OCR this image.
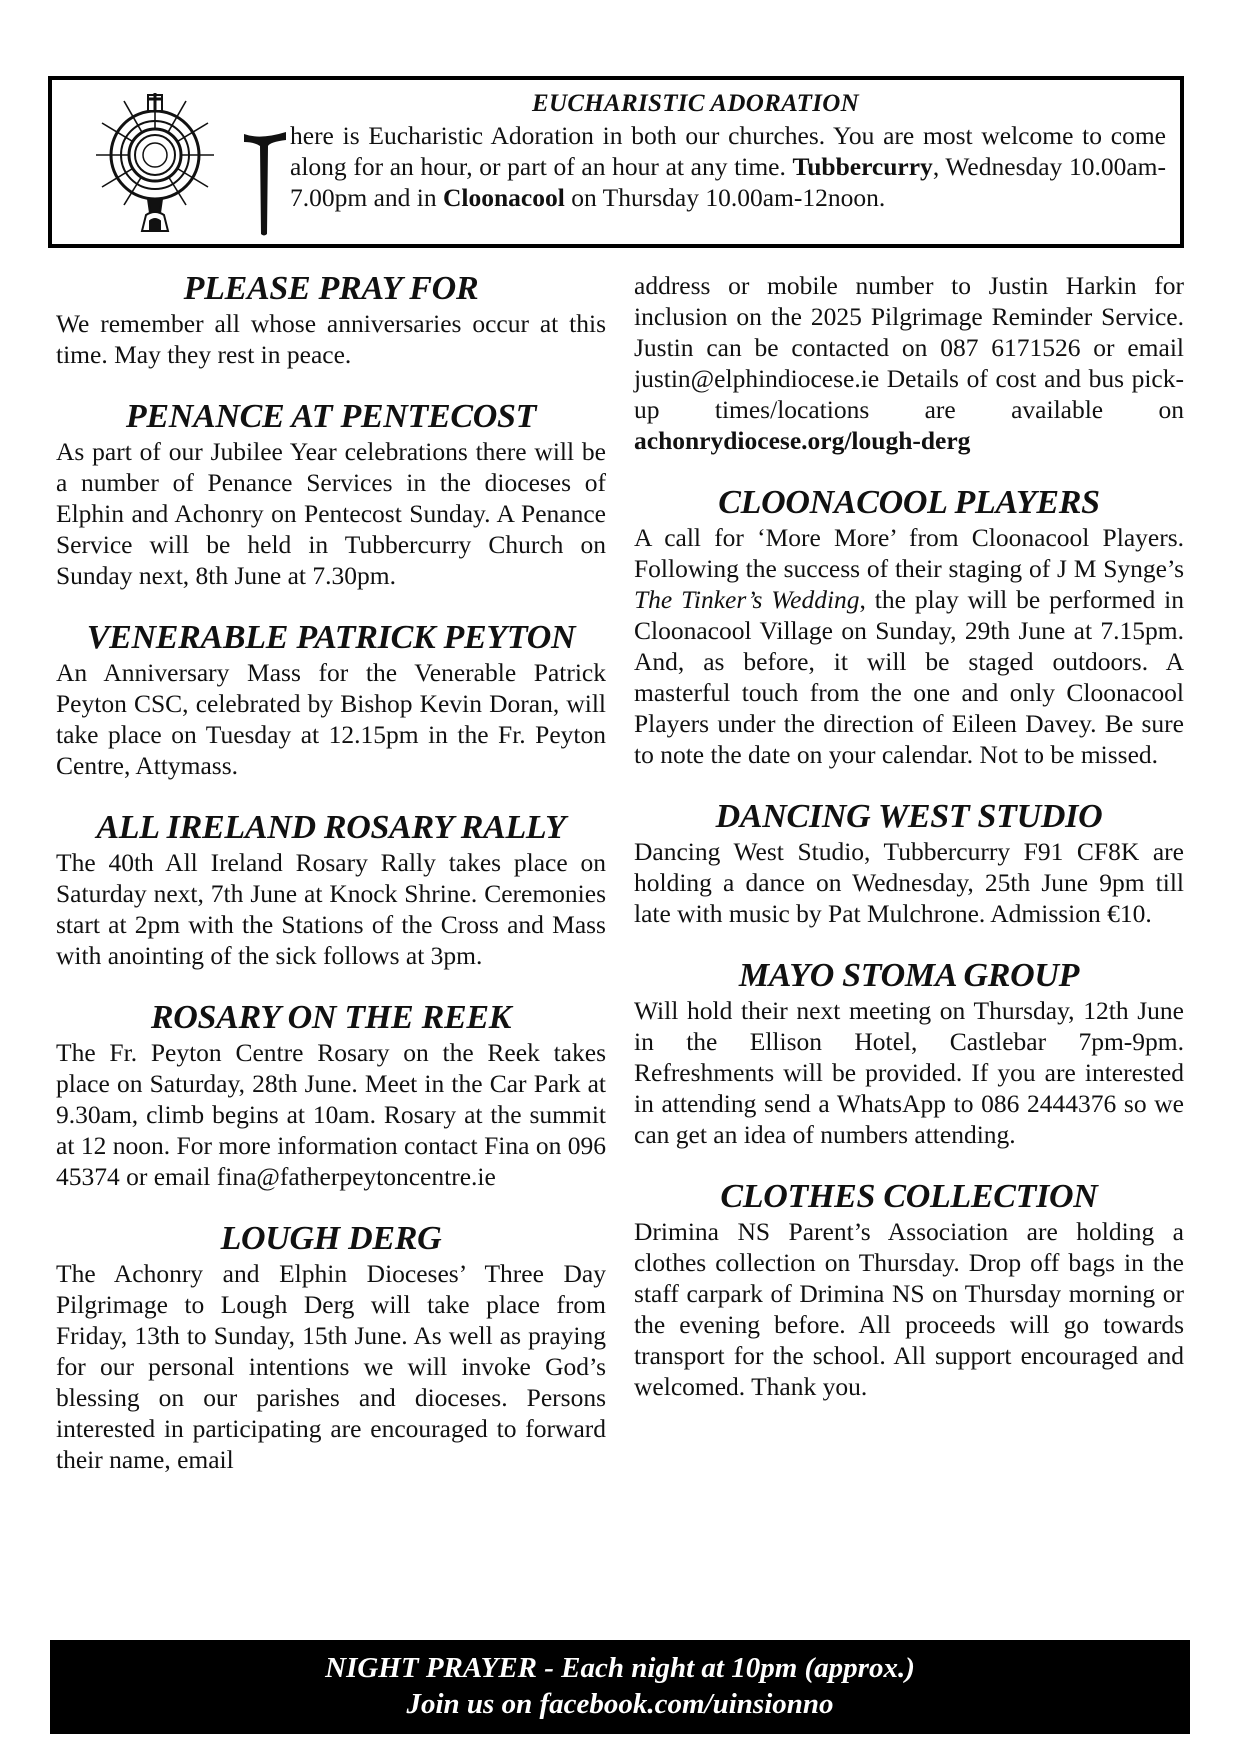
EUCHARISTIC ADORATION
here is Eucharistic Adoration in both our churches. You are most welcome to come along for an hour, or part of an hour at any time. Tubbercurry, Wednesday 10.00am-7.00pm and in Cloonacool on Thursday 10.00am-12noon.
PLEASE PRAY FOR

We remember all whose anniversaries occur at this time. May they rest in peace.

PENANCE AT PENTECOST

As part of our Jubilee Year celebrations there will be a number of Penance Services in the dioceses of Elphin and Achonry on Pentecost Sunday. A Penance Service will be held in Tubbercurry Church on Sunday next, 8th June at 7.30pm.

VENERABLE PATRICK PEYTON

An Anniversary Mass for the Venerable Patrick Peyton CSC, celebrated by Bishop Kevin Doran, will take place on Tuesday at 12.15pm in the Fr. Peyton Centre, Attymass.

ALL IRELAND ROSARY RALLY

The 40th All Ireland Rosary Rally takes place on Saturday next, 7th June at Knock Shrine. Ceremonies start at 2pm with the Stations of the Cross and Mass with anointing of the sick follows at 3pm.

ROSARY ON THE REEK

The Fr. Peyton Centre Rosary on the Reek takes place on Saturday, 28th June. Meet in the Car Park at 9.30am, climb begins at 10am. Rosary at the summit at 12 noon. For more information contact Fina on 096 45374 or email fina@fatherpeytoncentre.ie

LOUGH DERG

The Achonry and Elphin Dioceses’ Three Day Pilgrimage to Lough Derg will take place from Friday, 13th to Sunday, 15th June. As well as praying for our personal intentions we will invoke God’s blessing on our parishes and dioceses. Persons interested in participating are encouraged to forward their name, email

address or mobile number to Justin Harkin for inclusion on the 2025 Pilgrimage Reminder Service. Justin can be contacted on 087 6171526 or email justin@elphindiocese.ie Details of cost and bus pick-up times/locations are available on achonrydiocese.org/lough-derg

CLOONACOOL PLAYERS

A call for ‘More More’ from Cloonacool Players. Following the success of their staging of J M Synge’s The Tinker’s Wedding, the play will be performed in Cloonacool Village on Sunday, 29th June at 7.15pm. And, as before, it will be staged outdoors. A masterful touch from the one and only Cloonacool Players under the direction of Eileen Davey. Be sure to note the date on your calendar. Not to be missed.

DANCING WEST STUDIO

Dancing West Studio, Tubbercurry F91 CF8K are holding a dance on Wednesday, 25th June 9pm till late with music by Pat Mulchrone. Admission €10.

MAYO STOMA GROUP

Will hold their next meeting on Thursday, 12th June in the Ellison Hotel, Castlebar 7pm-9pm. Refreshments will be provided. If you are interested in attending send a WhatsApp to 086 2444376 so we can get an idea of numbers attending.

CLOTHES COLLECTION

Drimina NS Parent’s Association are holding a clothes collection on Thursday. Drop off bags in the staff carpark of Drimina NS on Thursday morning or the evening before. All proceeds will go towards transport for the school. All support encouraged and welcomed. Thank you.

NIGHT PRAYER - Each night at 10pm (approx.)
Join us on facebook.com/uinsionno
